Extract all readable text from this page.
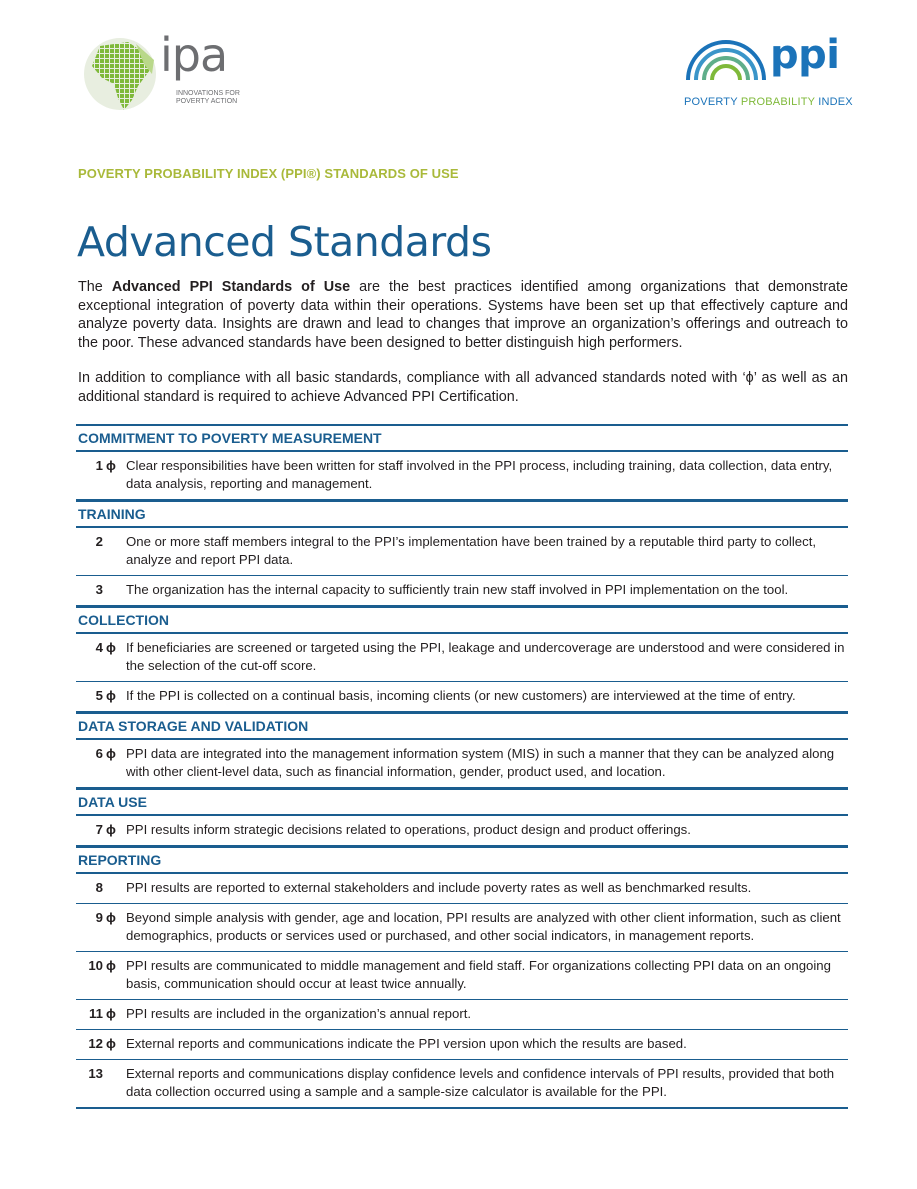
ipa
INNOVATIONS FOR POVERTY ACTION
ppi
POVERTY PROBABILITY INDEX
POVERTY PROBABILITY INDEX (PPI®) STANDARDS OF USE
Advanced Standards

The Advanced PPI Standards of Use are the best practices identified among organizations that demonstrate exceptional integration of poverty data within their operations. Systems have been set up that effectively capture and analyze poverty data. Insights are drawn and lead to changes that improve an organization’s offerings and outreach to the poor. These advanced standards have been designed to better distinguish high performers.

In addition to compliance with all basic standards, compliance with all advanced standards noted with ‘ϕ’ as well as an additional standard is required to achieve Advanced PPI Certification.

COMMITMENT TO POVERTY MEASUREMENT
1 ϕ Clear responsibilities have been written for staff involved in the PPI process, including training, data collection, data entry, data analysis, reporting and management.
TRAINING
2	One or more staff members integral to the PPI’s implementation have been trained by a reputable third party to collect, analyze and report PPI data.
3	The organization has the internal capacity to sufficiently train new staff involved in PPI implementation on the tool.
COLLECTION
4 ϕ If beneficiaries are screened or targeted using the PPI, leakage and undercoverage are understood and were considered in the selection of the cut-off score.
5 ϕ If the PPI is collected on a continual basis, incoming clients (or new customers) are interviewed at the time of entry.
DATA STORAGE AND VALIDATION
6 ϕ PPI data are integrated into the management information system (MIS) in such a manner that they can be analyzed along with other client-level data, such as financial information, gender, product used, and location.
DATA USE
7 ϕ PPI results inform strategic decisions related to operations, product design and product offerings.
REPORTING
8	PPI results are reported to external stakeholders and include poverty rates as well as benchmarked results.
9 ϕ Beyond simple analysis with gender, age and location, PPI results are analyzed with other client information, such as client demographics, products or services used or purchased, and other social indicators, in management reports.
10 ϕ PPI results are communicated to middle management and field staff. For organizations collecting PPI data on an ongoing basis, communication should occur at least twice annually.
11 ϕ PPI results are included in the organization’s annual report.
12 ϕ External reports and communications indicate the PPI version upon which the results are based.
13	External reports and communications display confidence levels and confidence intervals of PPI results, provided that both data collection occurred using a sample and a sample-size calculator is available for the PPI.
